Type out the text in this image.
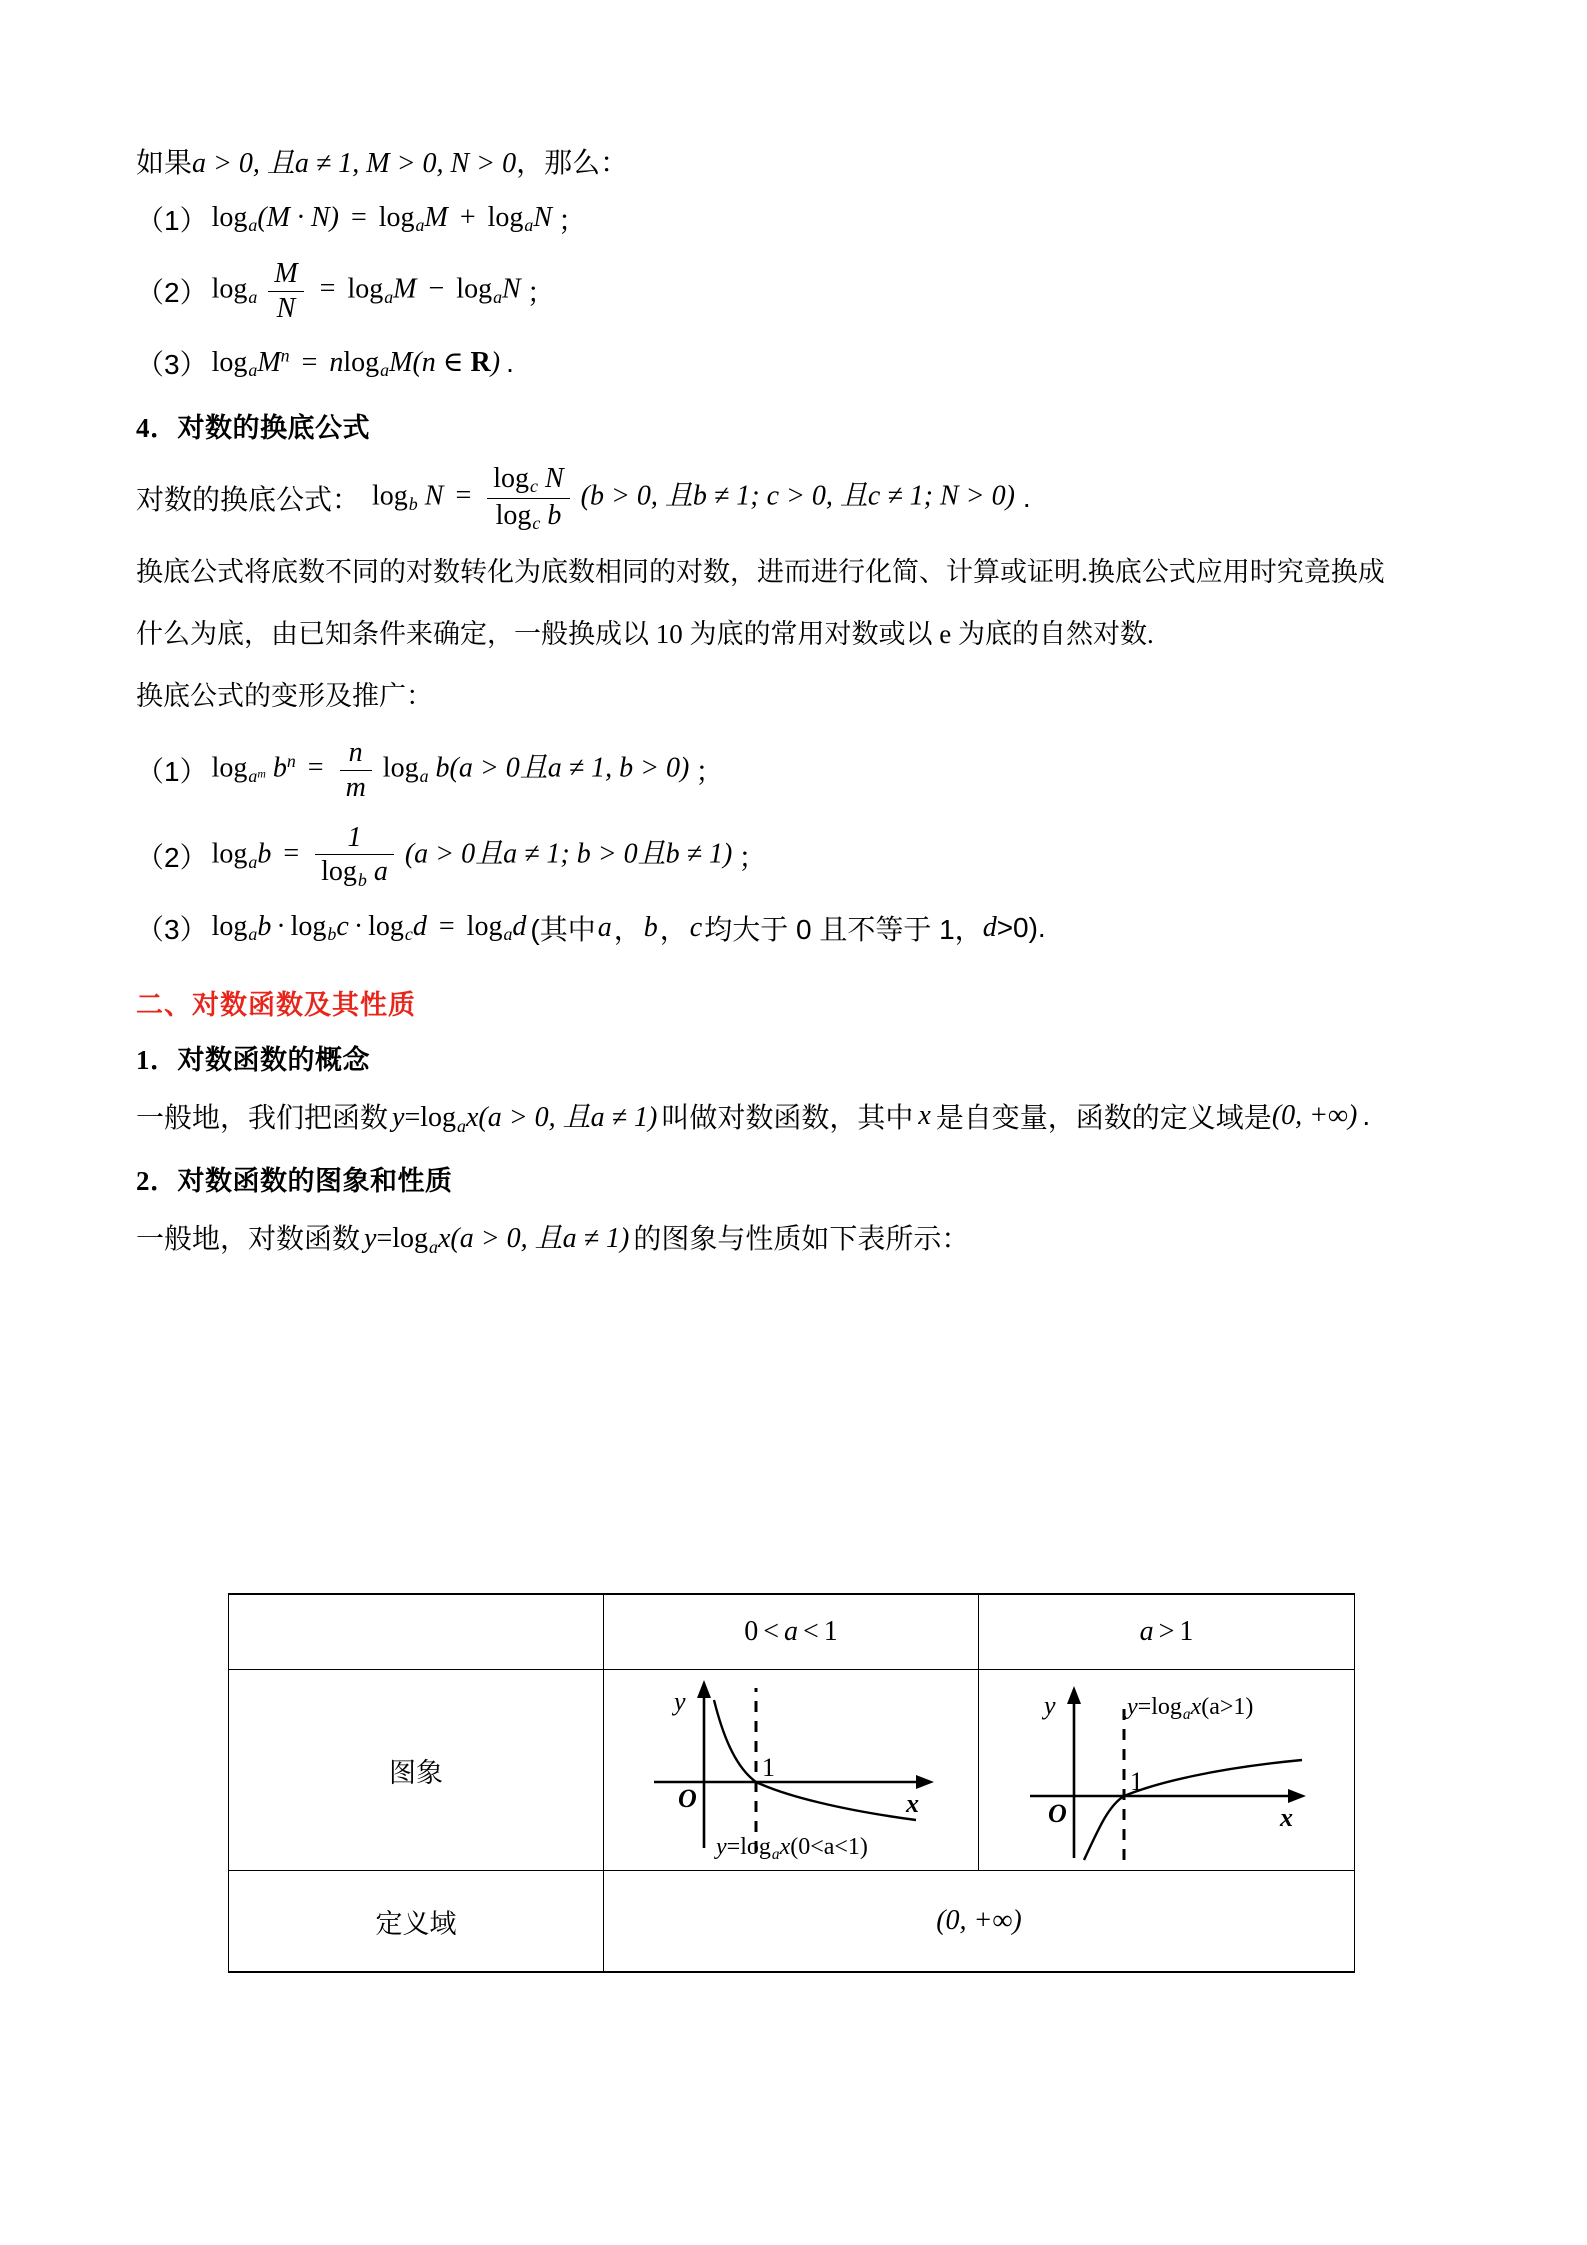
如果 a > 0, 且a ≠ 1, M > 0, N > 0 ，那么：
（1） $\log_a(M \cdot N) = \log_aM + \log_aN$ ；
（2） $\log_a \frac{M}{N} = \log_aM - \log_aN$ ；
（3） $\log_aM^n = nlog_aM(n$ ∈ R) .
4．对数的换底公式
对数的换底公式： $\log_b N = \frac{\log_c N}{\log_c b} (b > 0$, 且b ≠ 1; c > 0, 且c ≠ 1; N > 0) .
换底公式将底数不同的对数转化为底数相同的对数，进而进行化简、计算或证明.换底公式应用时究竟换成
什么为底，由已知条件来确定，一般换成以 10 为底的常用对数或以 e 为底的自然对数.
换底公式的变形及推广：
（1） $\log_am$ $b^n = \frac{n}{m} \log_a b(a > 0$且a ≠ 1, b > 0) ；
（2） $\log_ab = \frac{1}{\log_b a} (a > 0$且a ≠ 1; b > 0且b ≠ 1) ；
（3） $\log_ab \cdot \log_bc \cdot \log_cd = \log_ad$ (其中 a ， b ， c 均大于 0 且不等于 1， d >0).
二、对数函数及其性质
1．对数函数的概念
一般地，我们把函数 $y=\log_ax(a > 0$, 且a ≠ 1) 叫做对数函数，其中 x 是自变量，函数的定义域是 (0, +∞) .
2．对数函数的图象和性质
一般地，对数函数 $y=\log_ax(a > 0$, 且a ≠ 1) 的图象与性质如下表所示：
	0 < a < 1	a > 1
图象	y
x
O
1
$y=\log_ax(0<a<1)$	y
x
O
1
$y=\log_ax(a>1)$

定义域	(0, +∞)	
